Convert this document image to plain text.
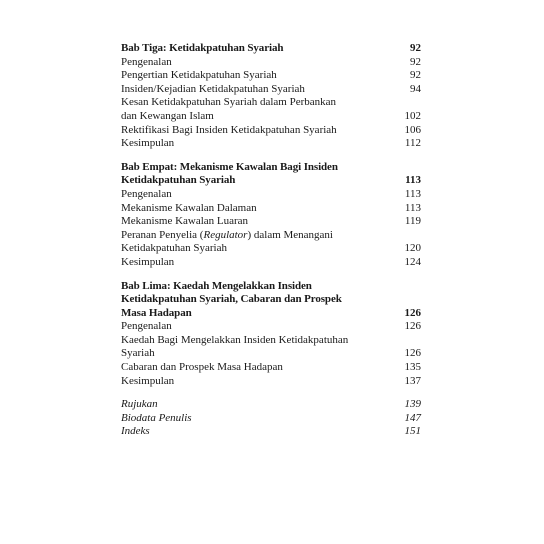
Bab Tiga: Ketidakpatuhan Syariah	92
Pengenalan	92
Pengertian Ketidakpatuhan Syariah	92
Insiden/Kejadian Ketidakpatuhan Syariah	94
Kesan Ketidakpatuhan Syariah dalam Perbankan
dan Kewangan Islam	102
Rektifikasi Bagi Insiden Ketidakpatuhan Syariah	106
Kesimpulan	112
Bab Empat: Mekanisme Kawalan Bagi Insiden
Ketidakpatuhan Syariah	113
Pengenalan	113
Mekanisme Kawalan Dalaman	113
Mekanisme Kawalan Luaran	119
Peranan Penyelia (Regulator) dalam Menangani
Ketidakpatuhan Syariah	120
Kesimpulan	124
Bab Lima: Kaedah Mengelakkan Insiden
Ketidakpatuhan Syariah, Cabaran dan Prospek
Masa Hadapan	126
Pengenalan	126
Kaedah Bagi Mengelakkan Insiden Ketidakpatuhan
Syariah	126
Cabaran dan Prospek Masa Hadapan	135
Kesimpulan	137
Rujukan	139
Biodata Penulis	147
Indeks	151
